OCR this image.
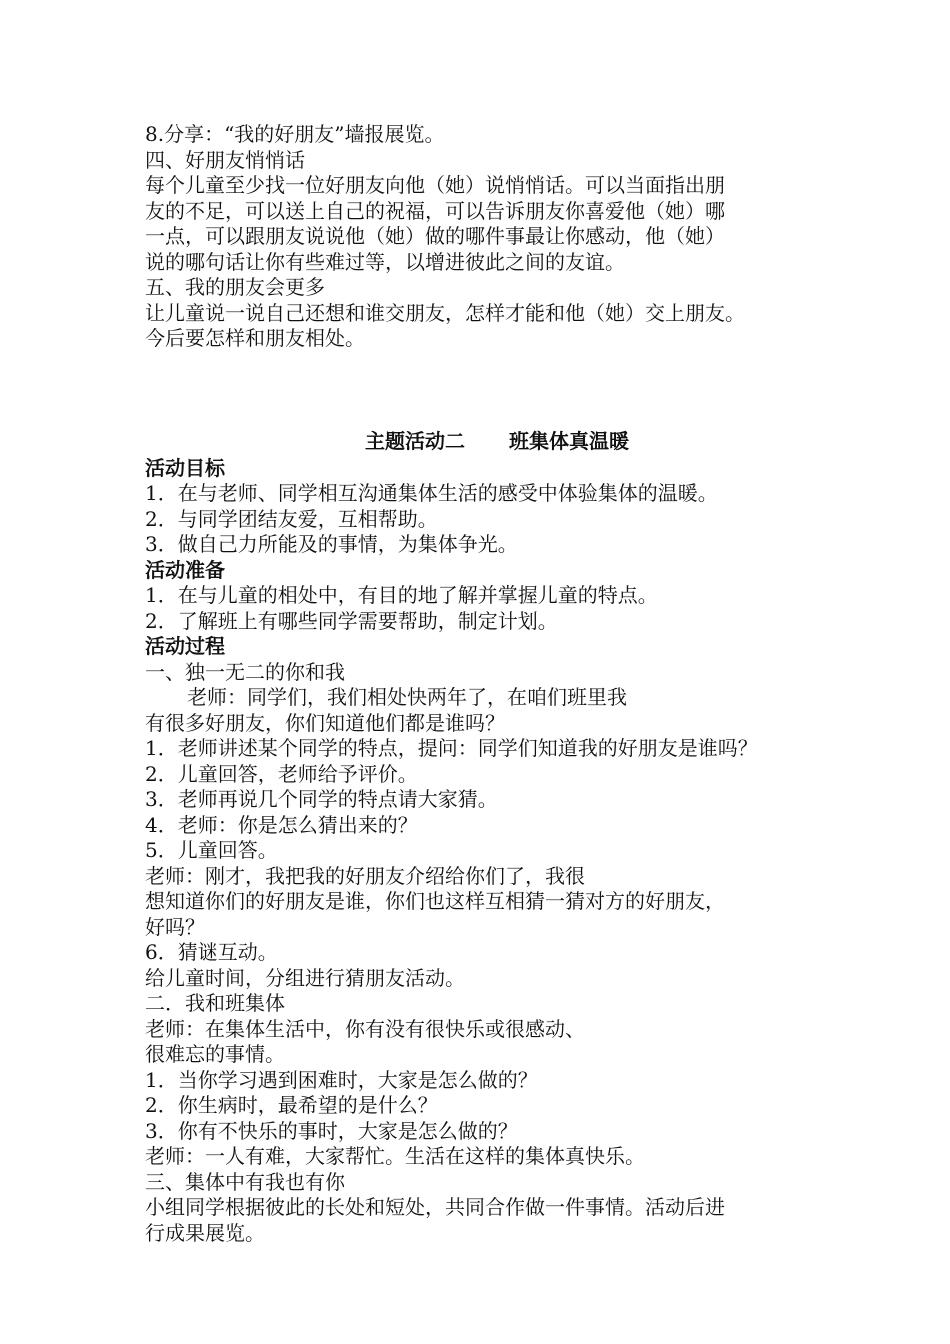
8.分享：“我的好朋友”墙报展览。
四、好朋友悄悄话
每个儿童至少找一位好朋友向他（她）说悄悄话。可以当面指出朋
友的不足，可以送上自己的祝福，可以告诉朋友你喜爱他（她）哪
一点，可以跟朋友说说他（她）做的哪件事最让你感动，他（她）
说的哪句话让你有些难过等，以增进彼此之间的友谊。
五、我的朋友会更多
让儿童说一说自己还想和谁交朋友，怎样才能和他（她）交上朋友。
今后要怎样和朋友相处。
主题活动二 班集体真温暖
活动目标
1．在与老师、同学相互沟通集体生活的感受中体验集体的温暖。
2．与同学团结友爱，互相帮助。
3．做自己力所能及的事情，为集体争光。
活动准备
1．在与儿童的相处中，有目的地了解并掌握儿童的特点。
2．了解班上有哪些同学需要帮助，制定计划。
活动过程
一、独一无二的你和我
老师：同学们，我们相处快两年了，在咱们班里我
有很多好朋友，你们知道他们都是谁吗？
1．老师讲述某个同学的特点，提问：同学们知道我的好朋友是谁吗？
2．儿童回答，老师给予评价。
3．老师再说几个同学的特点请大家猜。
4．老师：你是怎么猜出来的？
5．儿童回答。
老师：刚才，我把我的好朋友介绍给你们了，我很
想知道你们的好朋友是谁，你们也这样互相猜一猜对方的好朋友，
好吗？
6．猜谜互动。
给儿童时间，分组进行猜朋友活动。
二．我和班集体
老师：在集体生活中，你有没有很快乐或很感动、
很难忘的事情。
1．当你学习遇到困难时，大家是怎么做的？
2．你生病时，最希望的是什么？
3．你有不快乐的事时，大家是怎么做的？
老师：一人有难，大家帮忙。生活在这样的集体真快乐。
三、集体中有我也有你
小组同学根据彼此的长处和短处，共同合作做一件事情。活动后进
行成果展览。
